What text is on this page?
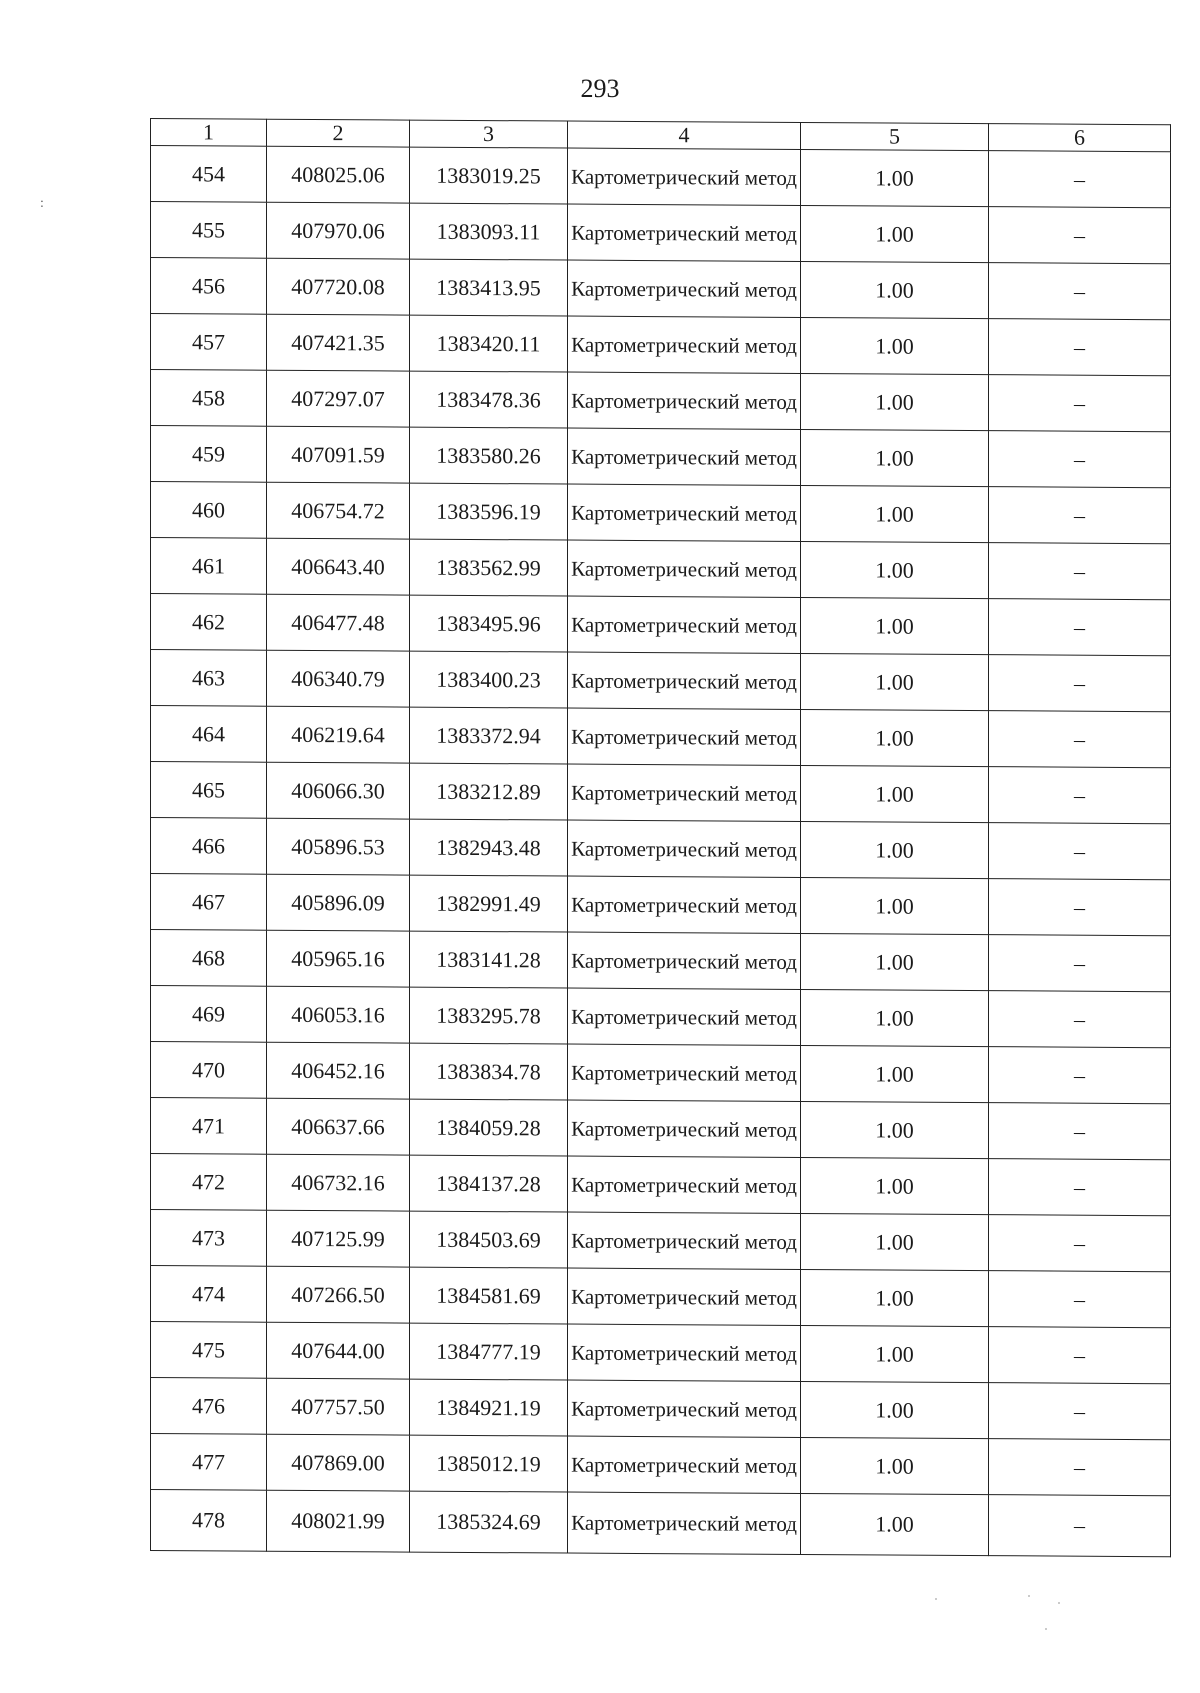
293
:
1	2	3	4	5	6
454	408025.06	1383019.25	Картометрический метод	1.00	–
455	407970.06	1383093.11	Картометрический метод	1.00	–
456	407720.08	1383413.95	Картометрический метод	1.00	–
457	407421.35	1383420.11	Картометрический метод	1.00	–
458	407297.07	1383478.36	Картометрический метод	1.00	–
459	407091.59	1383580.26	Картометрический метод	1.00	–
460	406754.72	1383596.19	Картометрический метод	1.00	–
461	406643.40	1383562.99	Картометрический метод	1.00	–
462	406477.48	1383495.96	Картометрический метод	1.00	–
463	406340.79	1383400.23	Картометрический метод	1.00	–
464	406219.64	1383372.94	Картометрический метод	1.00	–
465	406066.30	1383212.89	Картометрический метод	1.00	–
466	405896.53	1382943.48	Картометрический метод	1.00	–
467	405896.09	1382991.49	Картометрический метод	1.00	–
468	405965.16	1383141.28	Картометрический метод	1.00	–
469	406053.16	1383295.78	Картометрический метод	1.00	–
470	406452.16	1383834.78	Картометрический метод	1.00	–
471	406637.66	1384059.28	Картометрический метод	1.00	–
472	406732.16	1384137.28	Картометрический метод	1.00	–
473	407125.99	1384503.69	Картометрический метод	1.00	–
474	407266.50	1384581.69	Картометрический метод	1.00	–
475	407644.00	1384777.19	Картометрический метод	1.00	–
476	407757.50	1384921.19	Картометрический метод	1.00	–
477	407869.00	1385012.19	Картометрический метод	1.00	–
478	408021.99	1385324.69	Картометрический метод	1.00	–
